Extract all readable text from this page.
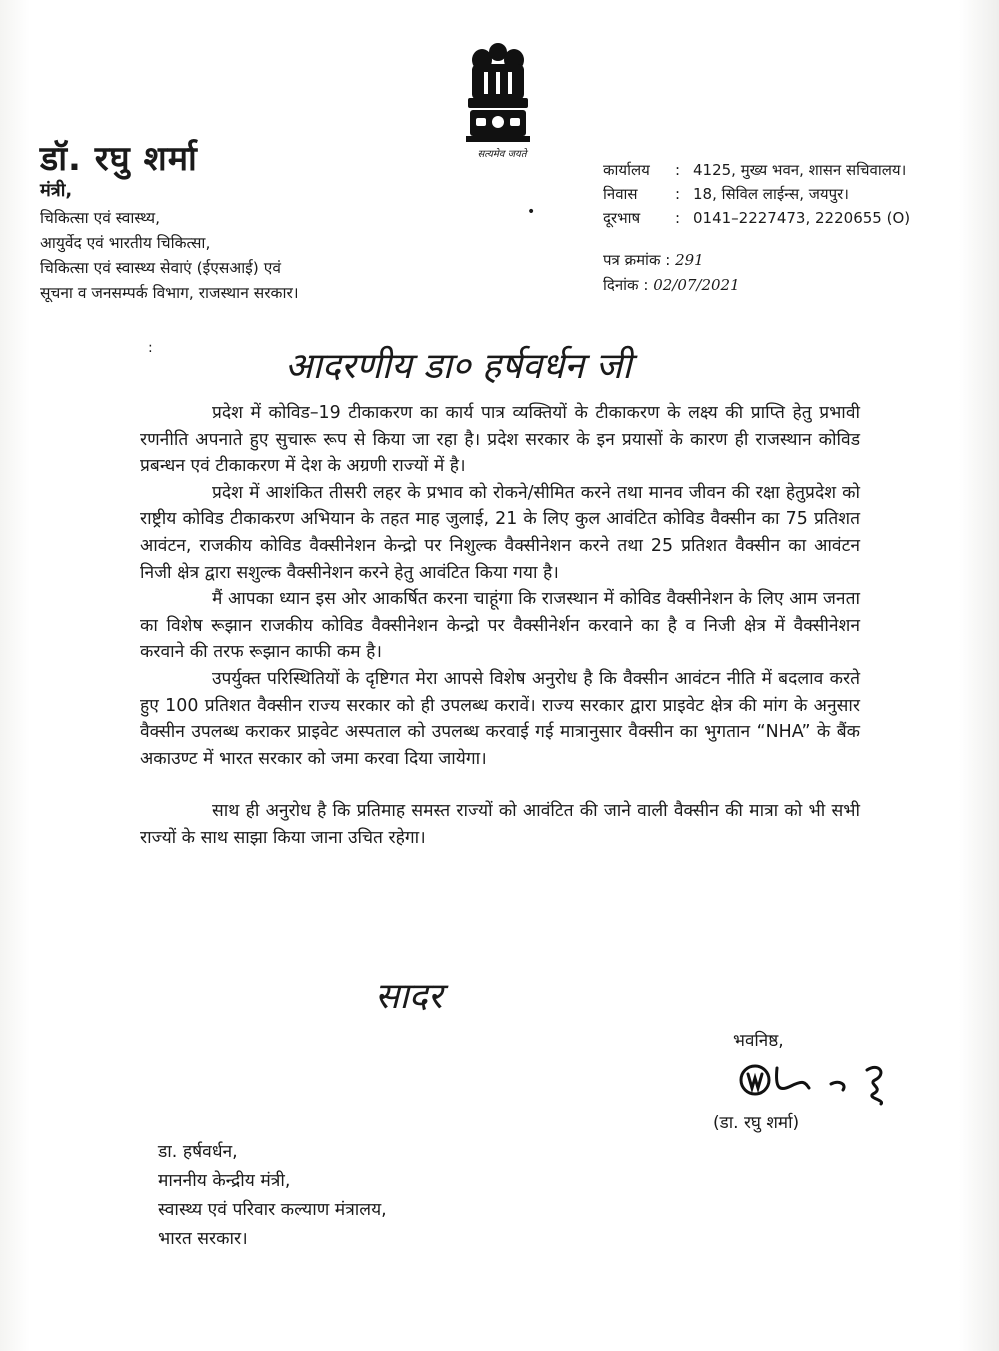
सत्यमेव जयते
डॉ. रघु शर्मा
मंत्री,
चिकित्सा एवं स्वास्थ्य,
आयुर्वेद एवं भारतीय चिकित्सा,
चिकित्सा एवं स्वास्थ्य सेवाएं (ईएसआई) एवं
सूचना व जनसम्पर्क विभाग, राजस्थान सरकार।
•
:
कार्यालय	: 4125, मुख्य भवन, शासन सचिवालय।
निवास	: 18, सिविल लाईन्स, जयपुर।
दूरभाष	: 0141–2227473, 2220655 (O)
पत्र क्रमांक : 291
दिनांक : 02/07/2021
आदरणीय डा० हर्षवर्धन जी

प्रदेश में कोविड–19 टीकाकरण का कार्य पात्र व्यक्तियों के टीकाकरण के लक्ष्य की प्राप्ति हेतु प्रभावी रणनीति अपनाते हुए सुचारू रूप से किया जा रहा है। प्रदेश सरकार के इन प्रयासों के कारण ही राजस्थान कोविड प्रबन्धन एवं टीकाकरण में देश के अग्रणी राज्यों में है।

प्रदेश में आशंकित तीसरी लहर के प्रभाव को रोकने/सीमित करने तथा मानव जीवन की रक्षा हेतुप्रदेश को राष्ट्रीय कोविड टीकाकरण अभियान के तहत माह जुलाई, 21 के लिए कुल आवंटित कोविड वैक्सीन का 75 प्रतिशत आवंटन, राजकीय कोविड वैक्सीनेशन केन्द्रो पर निशुल्क वैक्सीनेशन करने तथा 25 प्रतिशत वैक्सीन का आवंटन निजी क्षेत्र द्वारा सशुल्क वैक्सीनेशन करने हेतु आवंटित किया गया है।

मैं आपका ध्यान इस ओर आकर्षित करना चाहूंगा कि राजस्थान में कोविड वैक्सीनेशन के लिए आम जनता का विशेष रूझान राजकीय कोविड वैक्सीनेशन केन्द्रो पर वैक्सीनेर्शन करवाने का है व निजी क्षेत्र में वैक्सीनेशन करवाने की तरफ रूझान काफी कम है।

उपर्युक्त परिस्थितियों के दृष्टिगत मेरा आपसे विशेष अनुरोध है कि वैक्सीन आवंटन नीति में बदलाव करते हुए 100 प्रतिशत वैक्सीन राज्य सरकार को ही उपलब्ध करावें। राज्य सरकार द्वारा प्राइवेट क्षेत्र की मांग के अनुसार वैक्सीन उपलब्ध कराकर प्राइवेट अस्पताल को उपलब्ध करवाई गई मात्रानुसार वैक्सीन का भुगतान “NHA” के बैंक अकाउण्ट में भारत सरकार को जमा करवा दिया जायेगा।

साथ ही अनुरोध है कि प्रतिमाह समस्त राज्यों को आवंटित की जाने वाली वैक्सीन की मात्रा को भी सभी राज्यों के साथ साझा किया जाना उचित रहेगा।

सादर
भवनिष्ठ,
(डा. रघु शर्मा)
डा. हर्षवर्धन,
माननीय केन्द्रीय मंत्री,
स्वास्थ्य एवं परिवार कल्याण मंत्रालय,
भारत सरकार।
